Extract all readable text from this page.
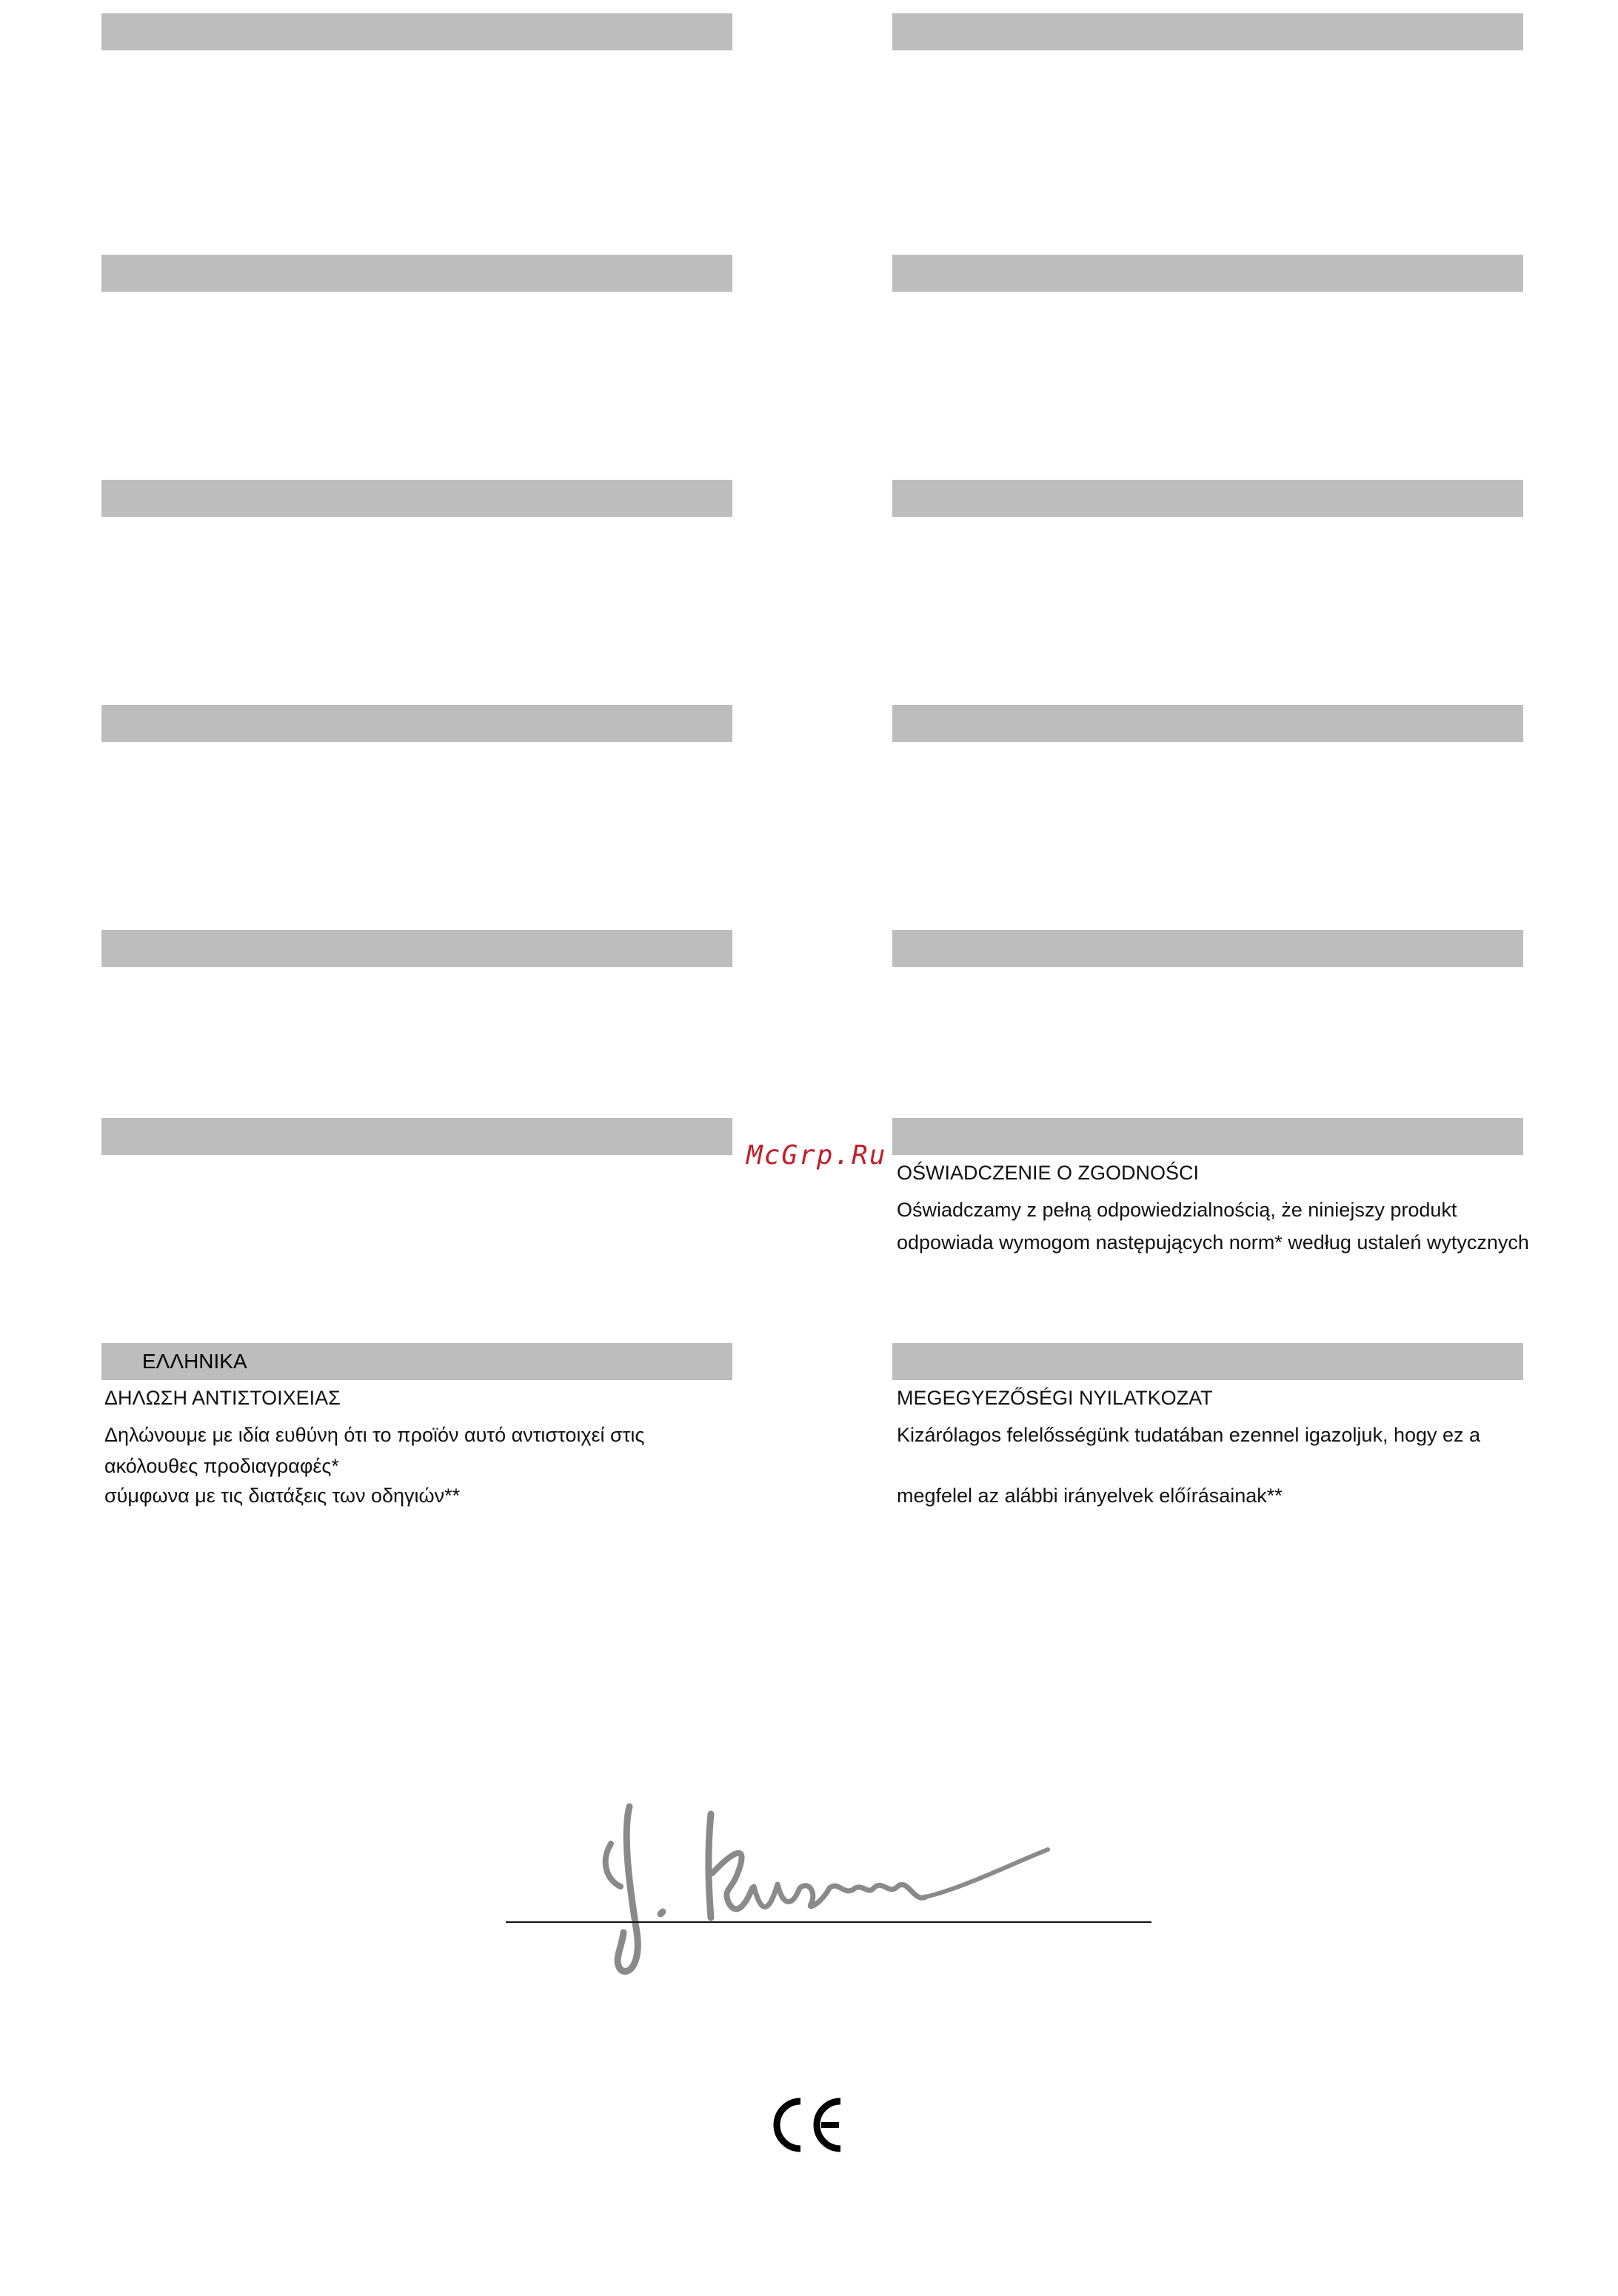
ΕΛΛΗΝΙΚΑ
McGrp.Ru
OŚWIADCZENIE O ZGODNOŚCI
Oświadczamy z pełną odpowiedzialnością, że niniejszy produkt
odpowiada wymogom następujących norm* według ustaleń wytycznych
ΔΗΛΩΣΗ ΑΝΤΙΣΤΟΙΧΕΙΑΣ
Δηλώνουμε με ιδία ευθύνη ότι το προϊόν αυτό αντιστοιχεί στις
ακόλουθες προδιαγραφές*
σύμφωνα με τις διατάξεις των οδηγιών**
MEGEGYEZŐSÉGI NYILATKOZAT
Kizárólagos felelősségünk tudatában ezennel igazoljuk, hogy ez a
megfelel az alábbi irányelvek előírásainak**
